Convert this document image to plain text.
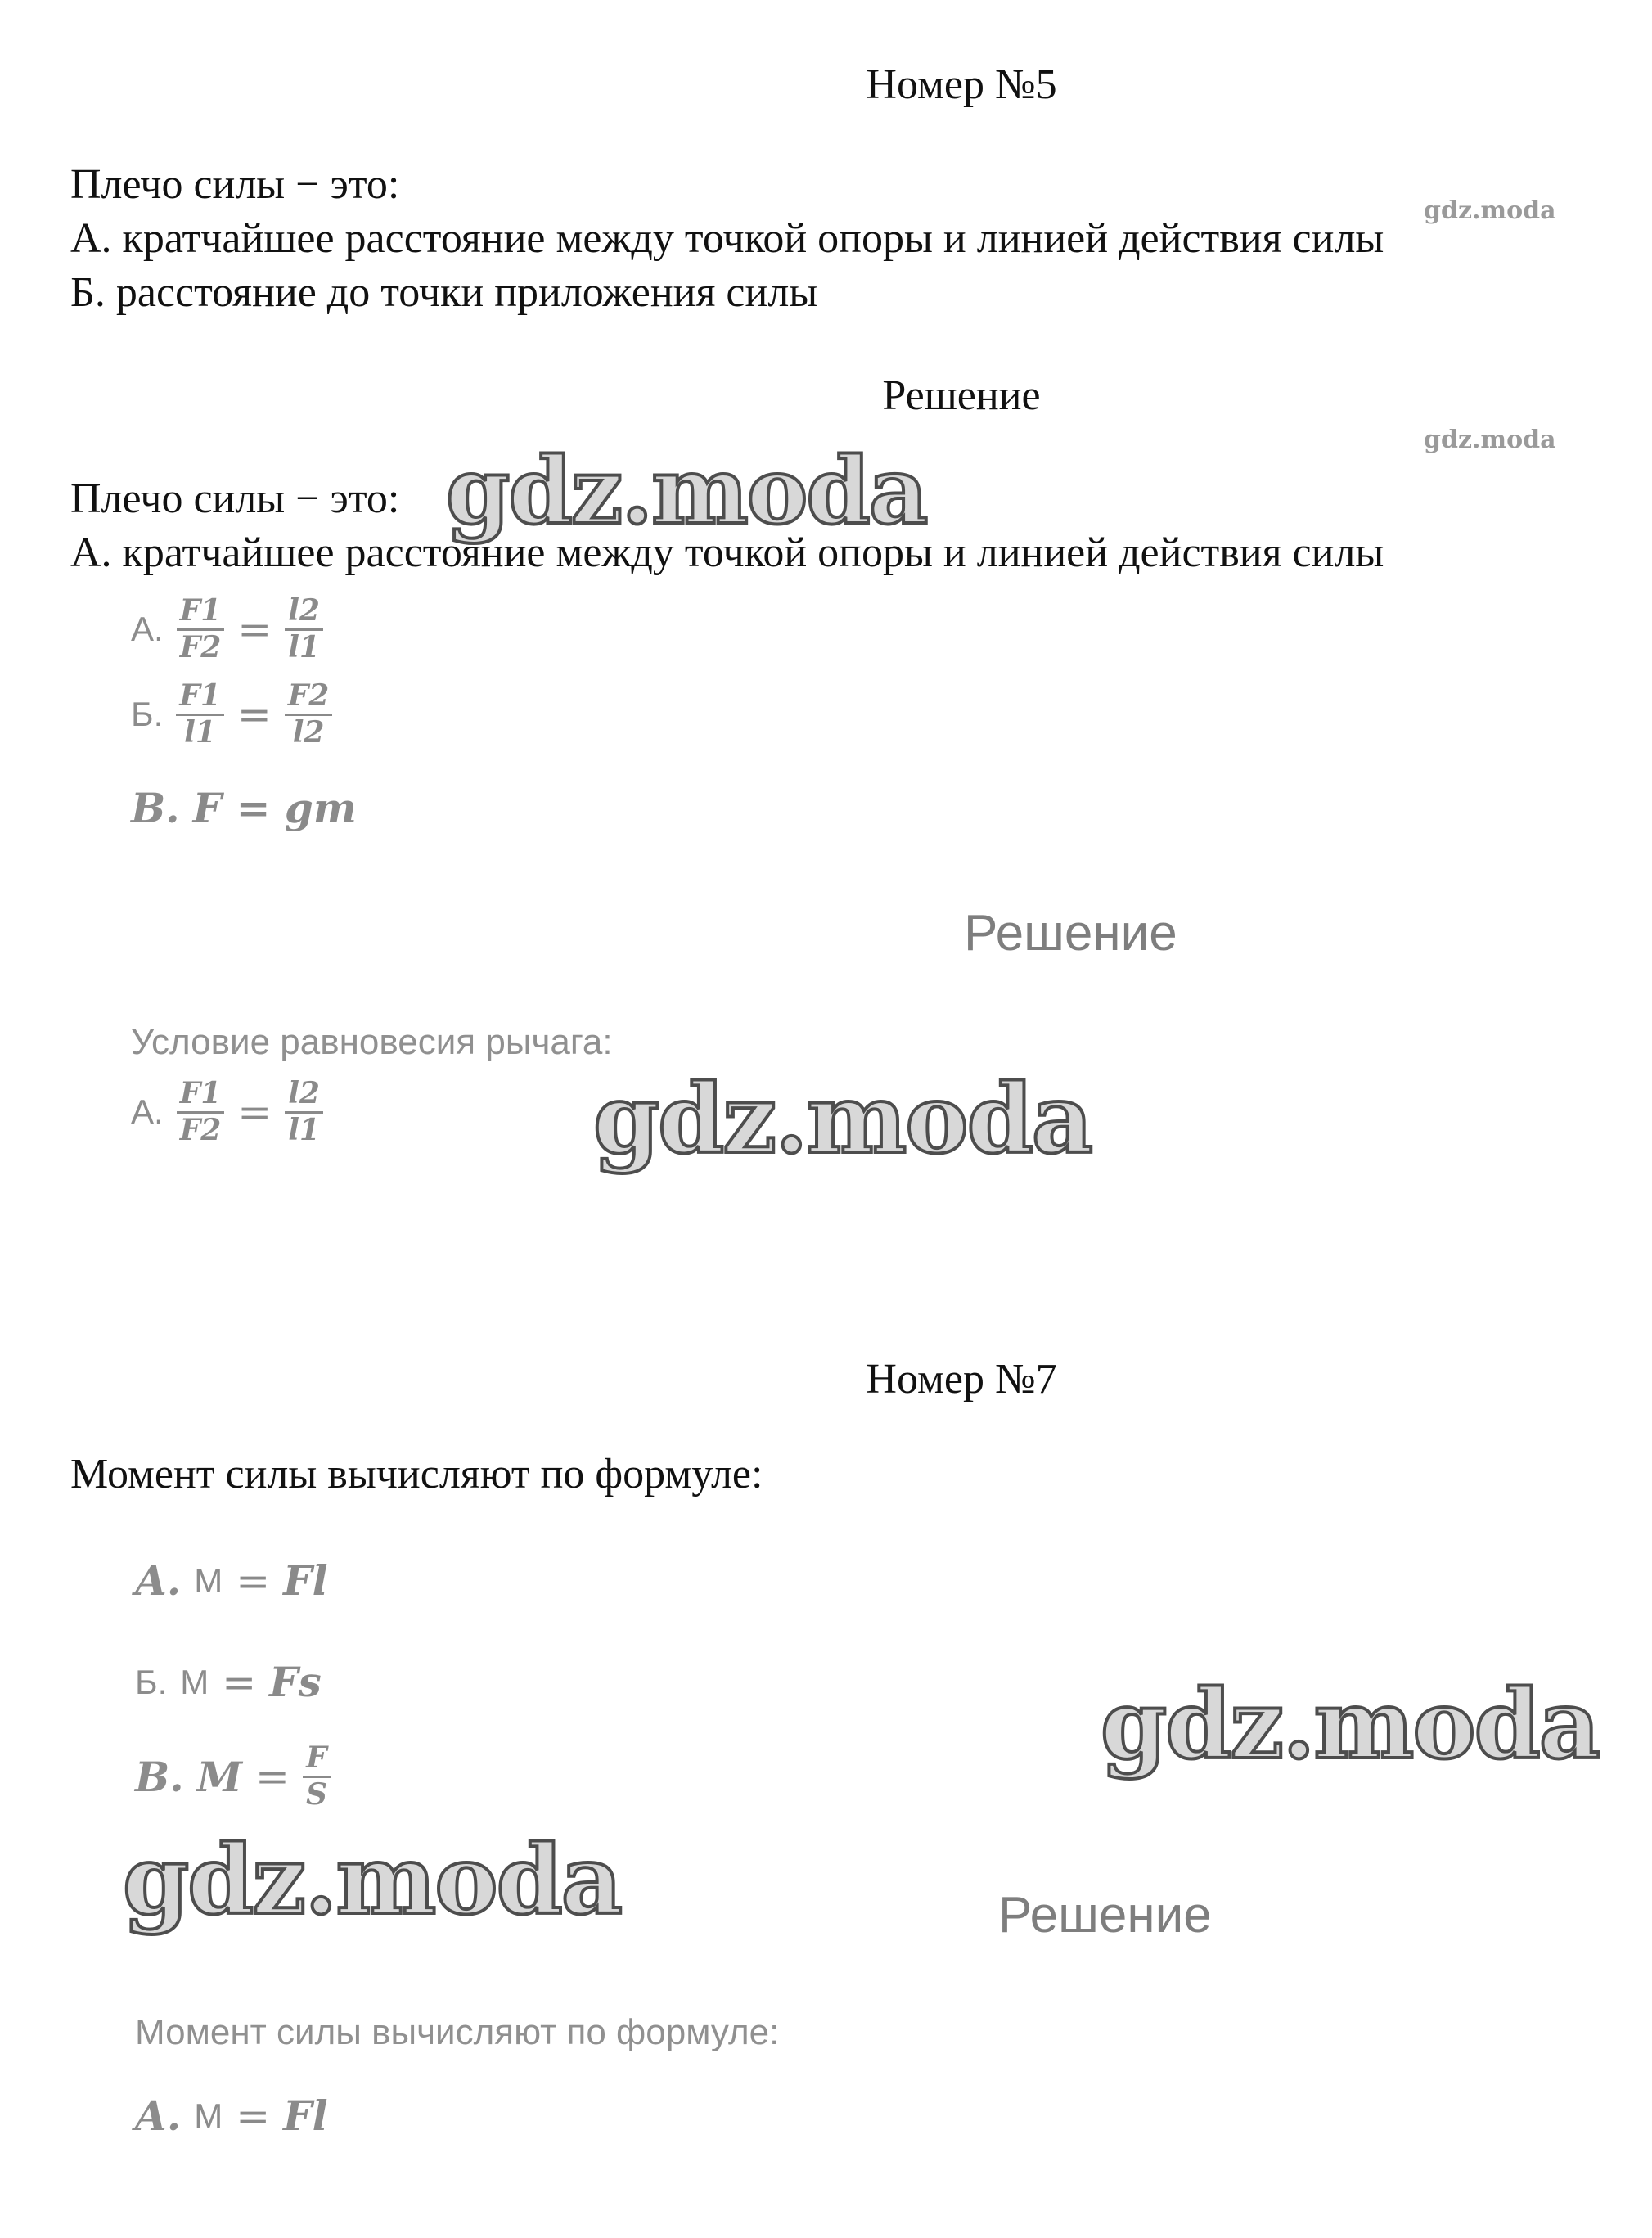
Номер №5
Плечо силы − это:
А. кратчайшее расстояние между точкой опоры и линией действия силы
Б. расстояние до точки приложения силы
gdz.moda
Решение
gdz.moda
Плечо силы − это:
А. кратчайшее расстояние между точкой опоры и линией действия силы
gdz.moda
А. $\frac{F1}{F2} = \frac{l2}{l1}$
Б. $\frac{F1}{l1} = \frac{F2}{l2}$
B. F = gm
Решение
Условие равновесия рычага:
А. $\frac{F1}{F2} = \frac{l2}{l1}$	gdz.moda
Номер №7
Момент силы вычисляют по формуле:
A. M = Fl
Б. M = Fs
B. $M = \frac{F}{S}$	gdz.moda
gdz.moda	Решение
Момент силы вычисляют по формуле:
A. M = Fl
